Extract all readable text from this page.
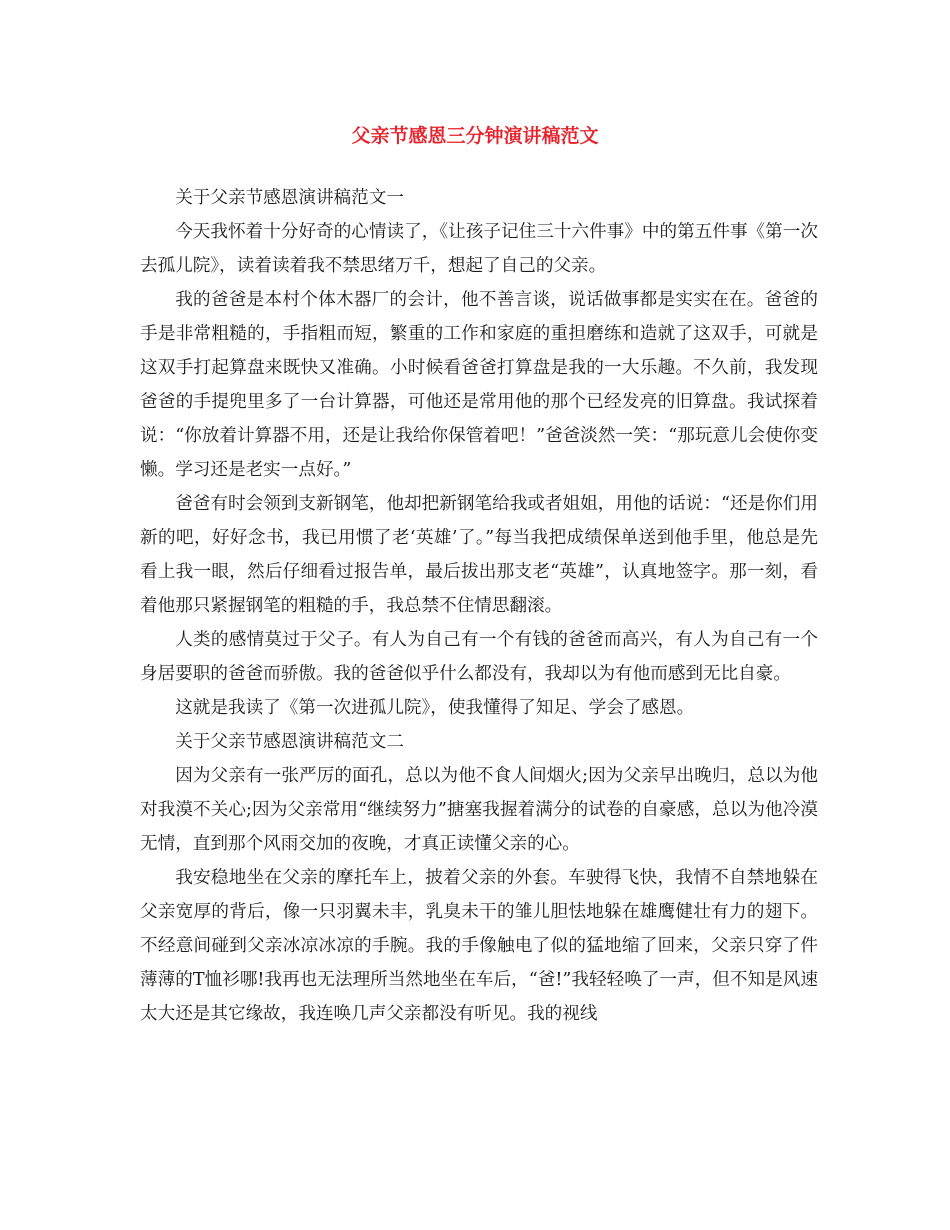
父亲节感恩三分钟演讲稿范文

关于父亲节感恩演讲稿范文一

今天我怀着十分好奇的心情读了，《让孩子记住三十六件事》中的第五件事《第一次去孤儿院》，读着读着我不禁思绪万千，想起了自己的父亲。

我的爸爸是本村个体木器厂的会计，他不善言谈，说话做事都是实实在在。爸爸的手是非常粗糙的，手指粗而短，繁重的工作和家庭的重担磨练和造就了这双手，可就是这双手打起算盘来既快又准确。小时候看爸爸打算盘是我的一大乐趣。不久前，我发现爸爸的手提兜里多了一台计算器，可他还是常用他的那个已经发亮的旧算盘。我试探着说：“你放着计算器不用，还是让我给你保管着吧！”爸爸淡然一笑：“那玩意儿会使你变懒。学习还是老实一点好。”

爸爸有时会领到支新钢笔，他却把新钢笔给我或者姐姐，用他的话说：“还是你们用新的吧，好好念书，我已用惯了老‘英雄’了。”每当我把成绩保单送到他手里，他总是先看上我一眼，然后仔细看过报告单，最后拔出那支老“英雄”，认真地签字。那一刻，看着他那只紧握钢笔的粗糙的手，我总禁不住情思翻滚。

人类的感情莫过于父子。有人为自己有一个有钱的爸爸而高兴，有人为自己有一个身居要职的爸爸而骄傲。我的爸爸似乎什么都没有，我却以为有他而感到无比自豪。

这就是我读了《第一次进孤儿院》，使我懂得了知足、学会了感恩。

关于父亲节感恩演讲稿范文二

因为父亲有一张严厉的面孔，总以为他不食人间烟火;因为父亲早出晚归，总以为他对我漠不关心;因为父亲常用“继续努力”搪塞我握着满分的试卷的自豪感，总以为他冷漠无情，直到那个风雨交加的夜晚，才真正读懂父亲的心。

我安稳地坐在父亲的摩托车上，披着父亲的外套。车驶得飞快，我情不自禁地躲在父亲宽厚的背后，像一只羽翼未丰，乳臭未干的雏儿胆怯地躲在雄鹰健壮有力的翅下。不经意间碰到父亲冰凉冰凉的手腕。我的手像触电了似的猛地缩了回来，父亲只穿了件薄薄的T恤衫哪!我再也无法理所当然地坐在车后，“爸!”我轻轻唤了一声，但不知是风速太大还是其它缘故，我连唤几声父亲都没有听见。我的视线
